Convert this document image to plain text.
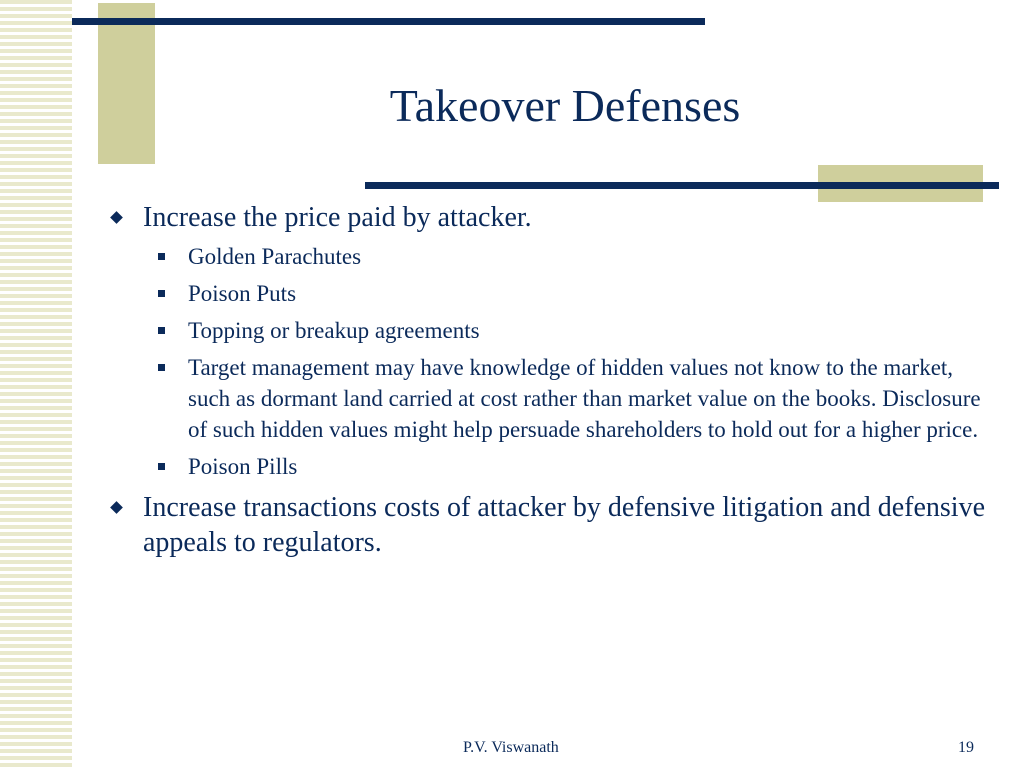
Takeover Defenses
Increase the price paid by attacker.
Golden Parachutes
Poison Puts
Topping or breakup agreements
Target management may have knowledge of hidden values not know to the market, such as dormant land carried at cost rather than market value on the books. Disclosure of such hidden values might help persuade shareholders to hold out for a higher price.
Poison Pills
Increase transactions costs of attacker by defensive litigation and defensive appeals to regulators.
P.V. Viswanath	19
